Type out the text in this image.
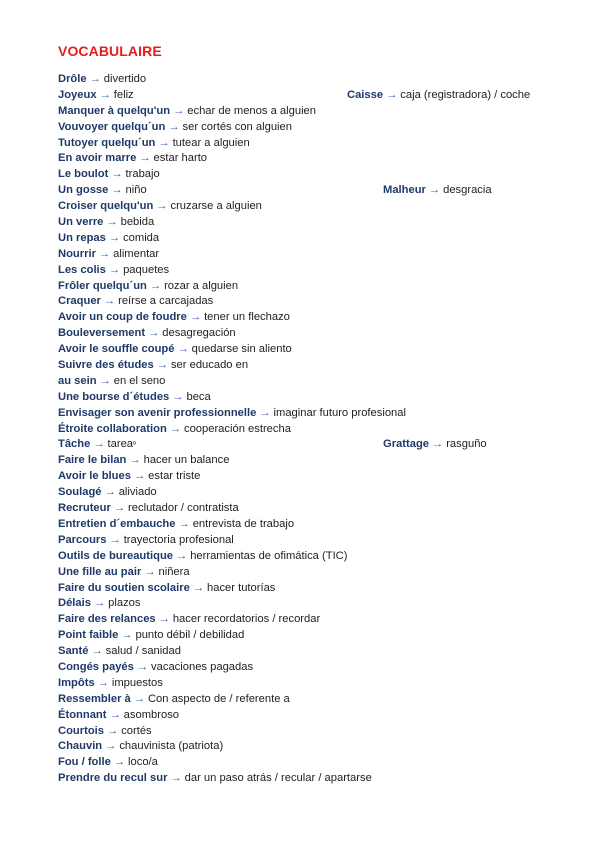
VOCABULAIRE
Drôle → divertido
Joyeux → feliz	Caisse → caja (registradora) / coche
Manquer à quelqu'un → echar de menos a alguien
Vouvoyer quelqu´un → ser cortés con alguien
Tutoyer quelqu´un → tutear a alguien
En avoir marre → estar harto
Le boulot → trabajo
Un gosse → niño	Malheur → desgracia
Croiser quelqu'un → cruzarse a alguien
Un verre → bebida
Un repas → comida
Nourrir → alimentar
Les colis → paquetes
Frôler quelqu´un → rozar a alguien
Craquer → reírse a carcajadas
Avoir un coup de foudre → tener un flechazo
Bouleversement → desagregación
Avoir le souffle coupé → quedarse sin aliento
Suivre des études → ser educado en
au sein → en el seno
Une bourse d´études → beca
Envisager son avenir professionnelle → imaginar futuro profesional
Étroite collaboration → cooperación estrecha
Tâche → tarea$^º$	Grattage → rasguño
Faire le bilan → hacer un balance
Avoir le blues → estar triste
Soulagé → aliviado
Recruteur → reclutador / contratista
Entretien d´embauche → entrevista de trabajo
Parcours → trayectoria profesional
Outils de bureautique → herramientas de ofimática (TIC)
Une fille au pair → niñera
Faire du soutien scolaire → hacer tutorías
Délais → plazos
Faire des relances → hacer recordatorios / recordar
Point faible → punto débil / debilidad
Santé → salud / sanidad
Congés payés → vacaciones pagadas
Impôts → impuestos
Ressembler à → Con aspecto de / referente a
Étonnant → asombroso
Courtois → cortés
Chauvin → chauvinista (patriota)
Fou / folle → loco/a
Prendre du recul sur → dar un paso atrás / recular / apartarse
